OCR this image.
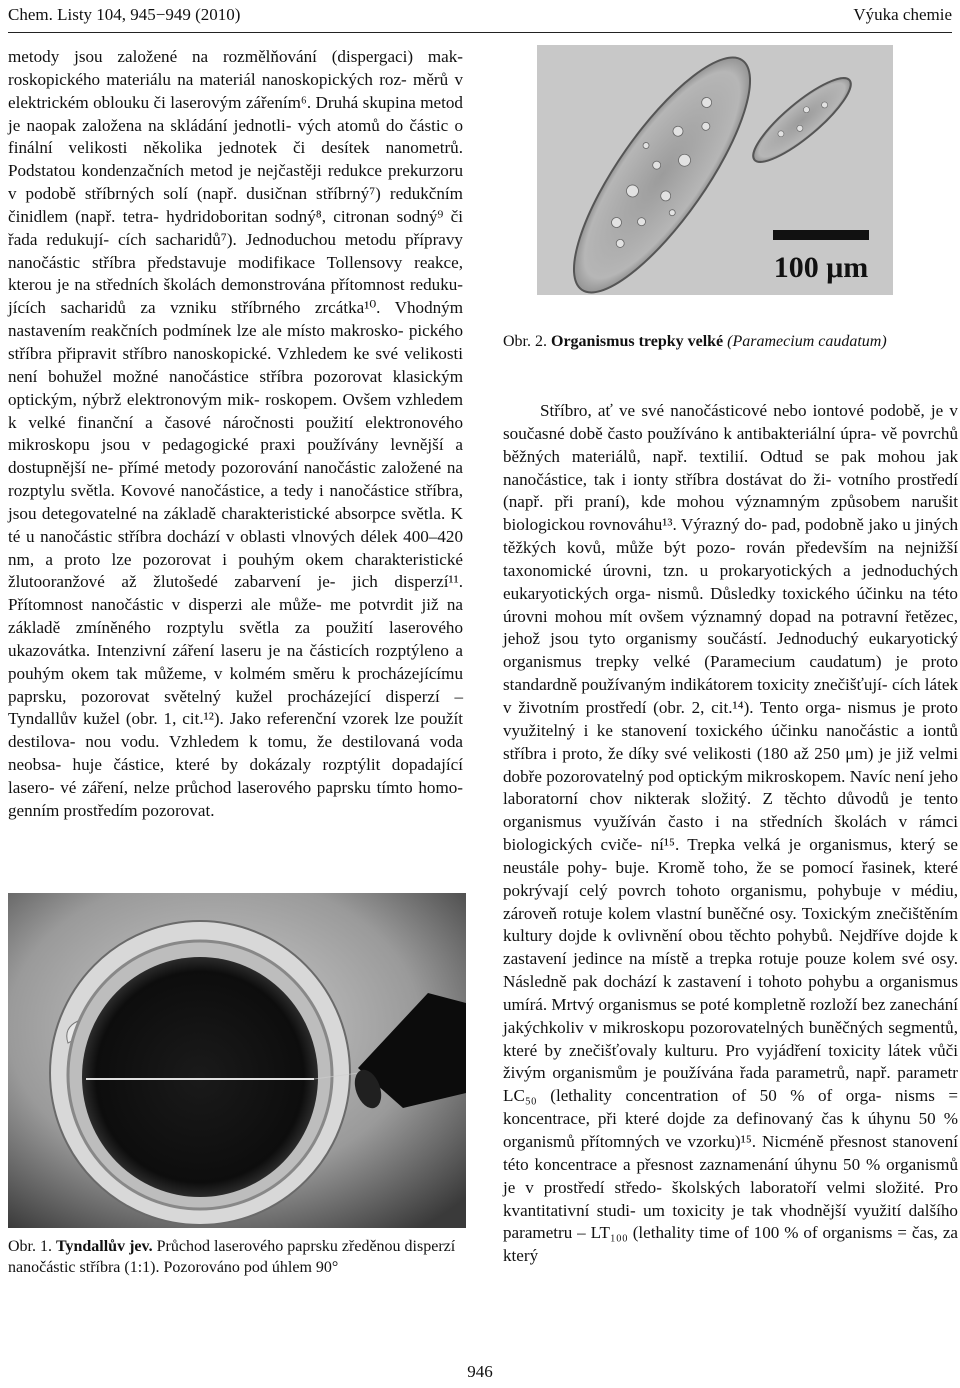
Chem. Listy 104, 945−949 (2010)	Výuka chemie

metody jsou založené na rozmělňování (dispergaci) mak- roskopického materiálu na materiál nanoskopických roz- měrů v elektrickém oblouku či laserovým zářením⁶. Druhá skupina metod je naopak založena na skládání jednotli- vých atomů do částic o finální velikosti několika jednotek či desítek nanometrů. Podstatou kondenzačních metod je nejčastěji redukce prekurzoru v podobě stříbrných solí (např. dusičnan stříbrný⁷) redukčním činidlem (např. tetra- hydridoboritan sodný⁸, citronan sodný⁹ či řada redukují- cích sacharidů⁷). Jednoduchou metodu přípravy nanočástic stříbra představuje modifikace Tollensovy reakce, kterou je na středních školách demonstrována přítomnost reduku- jících sacharidů za vzniku stříbrného zrcátka¹⁰. Vhodným nastavením reakčních podmínek lze ale místo makrosko- pického stříbra připravit stříbro nanoskopické. Vzhledem ke své velikosti není bohužel možné nanočástice stříbra pozorovat klasickým optickým, nýbrž elektronovým mik- roskopem. Ovšem vzhledem k velké finanční a časové náročnosti použití elektronového mikroskopu jsou v pedagogické praxi používány levnější a dostupnější ne- přímé metody pozorování nanočástic založené na rozptylu světla. Kovové nanočástice, a tedy i nanočástice stříbra, jsou detegovatelné na základě charakteristické absorpce světla. K té u nanočástic stříbra dochází v oblasti vlnových délek 400–420 nm, a proto lze pozorovat i pouhým okem charakteristické žlutooranžové až žlutošedé zabarvení je- jich disperzí¹¹. Přítomnost nanočástic v disperzi ale může- me potvrdit již na základě zmíněného rozptylu světla za použití laserového ukazovátka. Intenzivní záření laseru je na částicích rozptýleno a pouhým okem tak můžeme, v kolmém směru k procházejícímu paprsku, pozorovat světelný kužel procházející disperzí – Tyndallův kužel (obr. 1, cit.¹²). Jako referenční vzorek lze použít destilova- nou vodu. Vzhledem k tomu, že destilovaná voda neobsa- huje částice, které by dokázaly rozptýlit dopadající lasero- vé záření, nelze průchod laserového paprsku tímto homo- genním prostředím pozorovat.

Obr. 1. Tyndallův jev. Průchod laserového paprsku zředěnou disperzí nanočástic stříbra (1:1). Pozorováno pod úhlem 90°
100 μm
Obr. 2. Organismus trepky velké (Paramecium caudatum)

Stříbro, ať ve své nanočásticové nebo iontové podobě, je v současné době často používáno k antibakteriální úpra- vě povrchů běžných materiálů, např. textilií. Odtud se pak mohou jak nanočástice, tak i ionty stříbra dostávat do ži- votního prostředí (např. při praní), kde mohou významným způsobem narušit biologickou rovnováhu¹³. Výrazný do- pad, podobně jako u jiných těžkých kovů, může být pozo- rován především na nejnižší taxonomické úrovni, tzn. u prokaryotických a jednoduchých eukaryotických orga- nismů. Důsledky toxického účinku na této úrovni mohou mít ovšem významný dopad na potravní řetězec, jehož jsou tyto organismy součástí. Jednoduchý eukaryotický organismus trepky velké (Paramecium caudatum) je proto standardně používaným indikátorem toxicity znečišťují- cích látek v životním prostředí (obr. 2, cit.¹⁴). Tento orga- nismus je proto využitelný i ke stanovení toxického účinku nanočástic a iontů stříbra i proto, že díky své velikosti (180 až 250 μm) je již velmi dobře pozorovatelný pod optickým mikroskopem. Navíc není jeho laboratorní chov nikterak složitý. Z těchto důvodů je tento organismus využíván často i na středních školách v rámci biologických cviče- ní¹⁵. Trepka velká je organismus, který se neustále pohy- buje. Kromě toho, že se pomocí řasinek, které pokrývají celý povrch tohoto organismu, pohybuje v médiu, zároveň rotuje kolem vlastní buněčné osy. Toxickým znečištěním kultury dojde k ovlivnění obou těchto pohybů. Nejdříve dojde k zastavení jedince na místě a trepka rotuje pouze kolem své osy. Následně pak dochází k zastavení i tohoto pohybu a organismus umírá. Mrtvý organismus se poté kompletně rozloží bez zanechání jakýchkoliv v mikroskopu pozorovatelných buněčných segmentů, které by znečišťovaly kulturu. Pro vyjádření toxicity látek vůči živým organismům je používána řada parametrů, např. parametr LC₅₀ (lethality concentration of 50 % of orga- nisms = koncentrace, při které dojde za definovaný čas k úhynu 50 % organismů přítomných ve vzorku)¹⁵. Nicméně přesnost stanovení této koncentrace a přesnost zaznamenání úhynu 50 % organismů je v prostředí středo- školských laboratoří velmi složité. Pro kvantitativní studi- um toxicity je tak vhodnější využití dalšího parametru – LT₁₀₀ (lethality time of 100 % of organisms = čas, za který

946
